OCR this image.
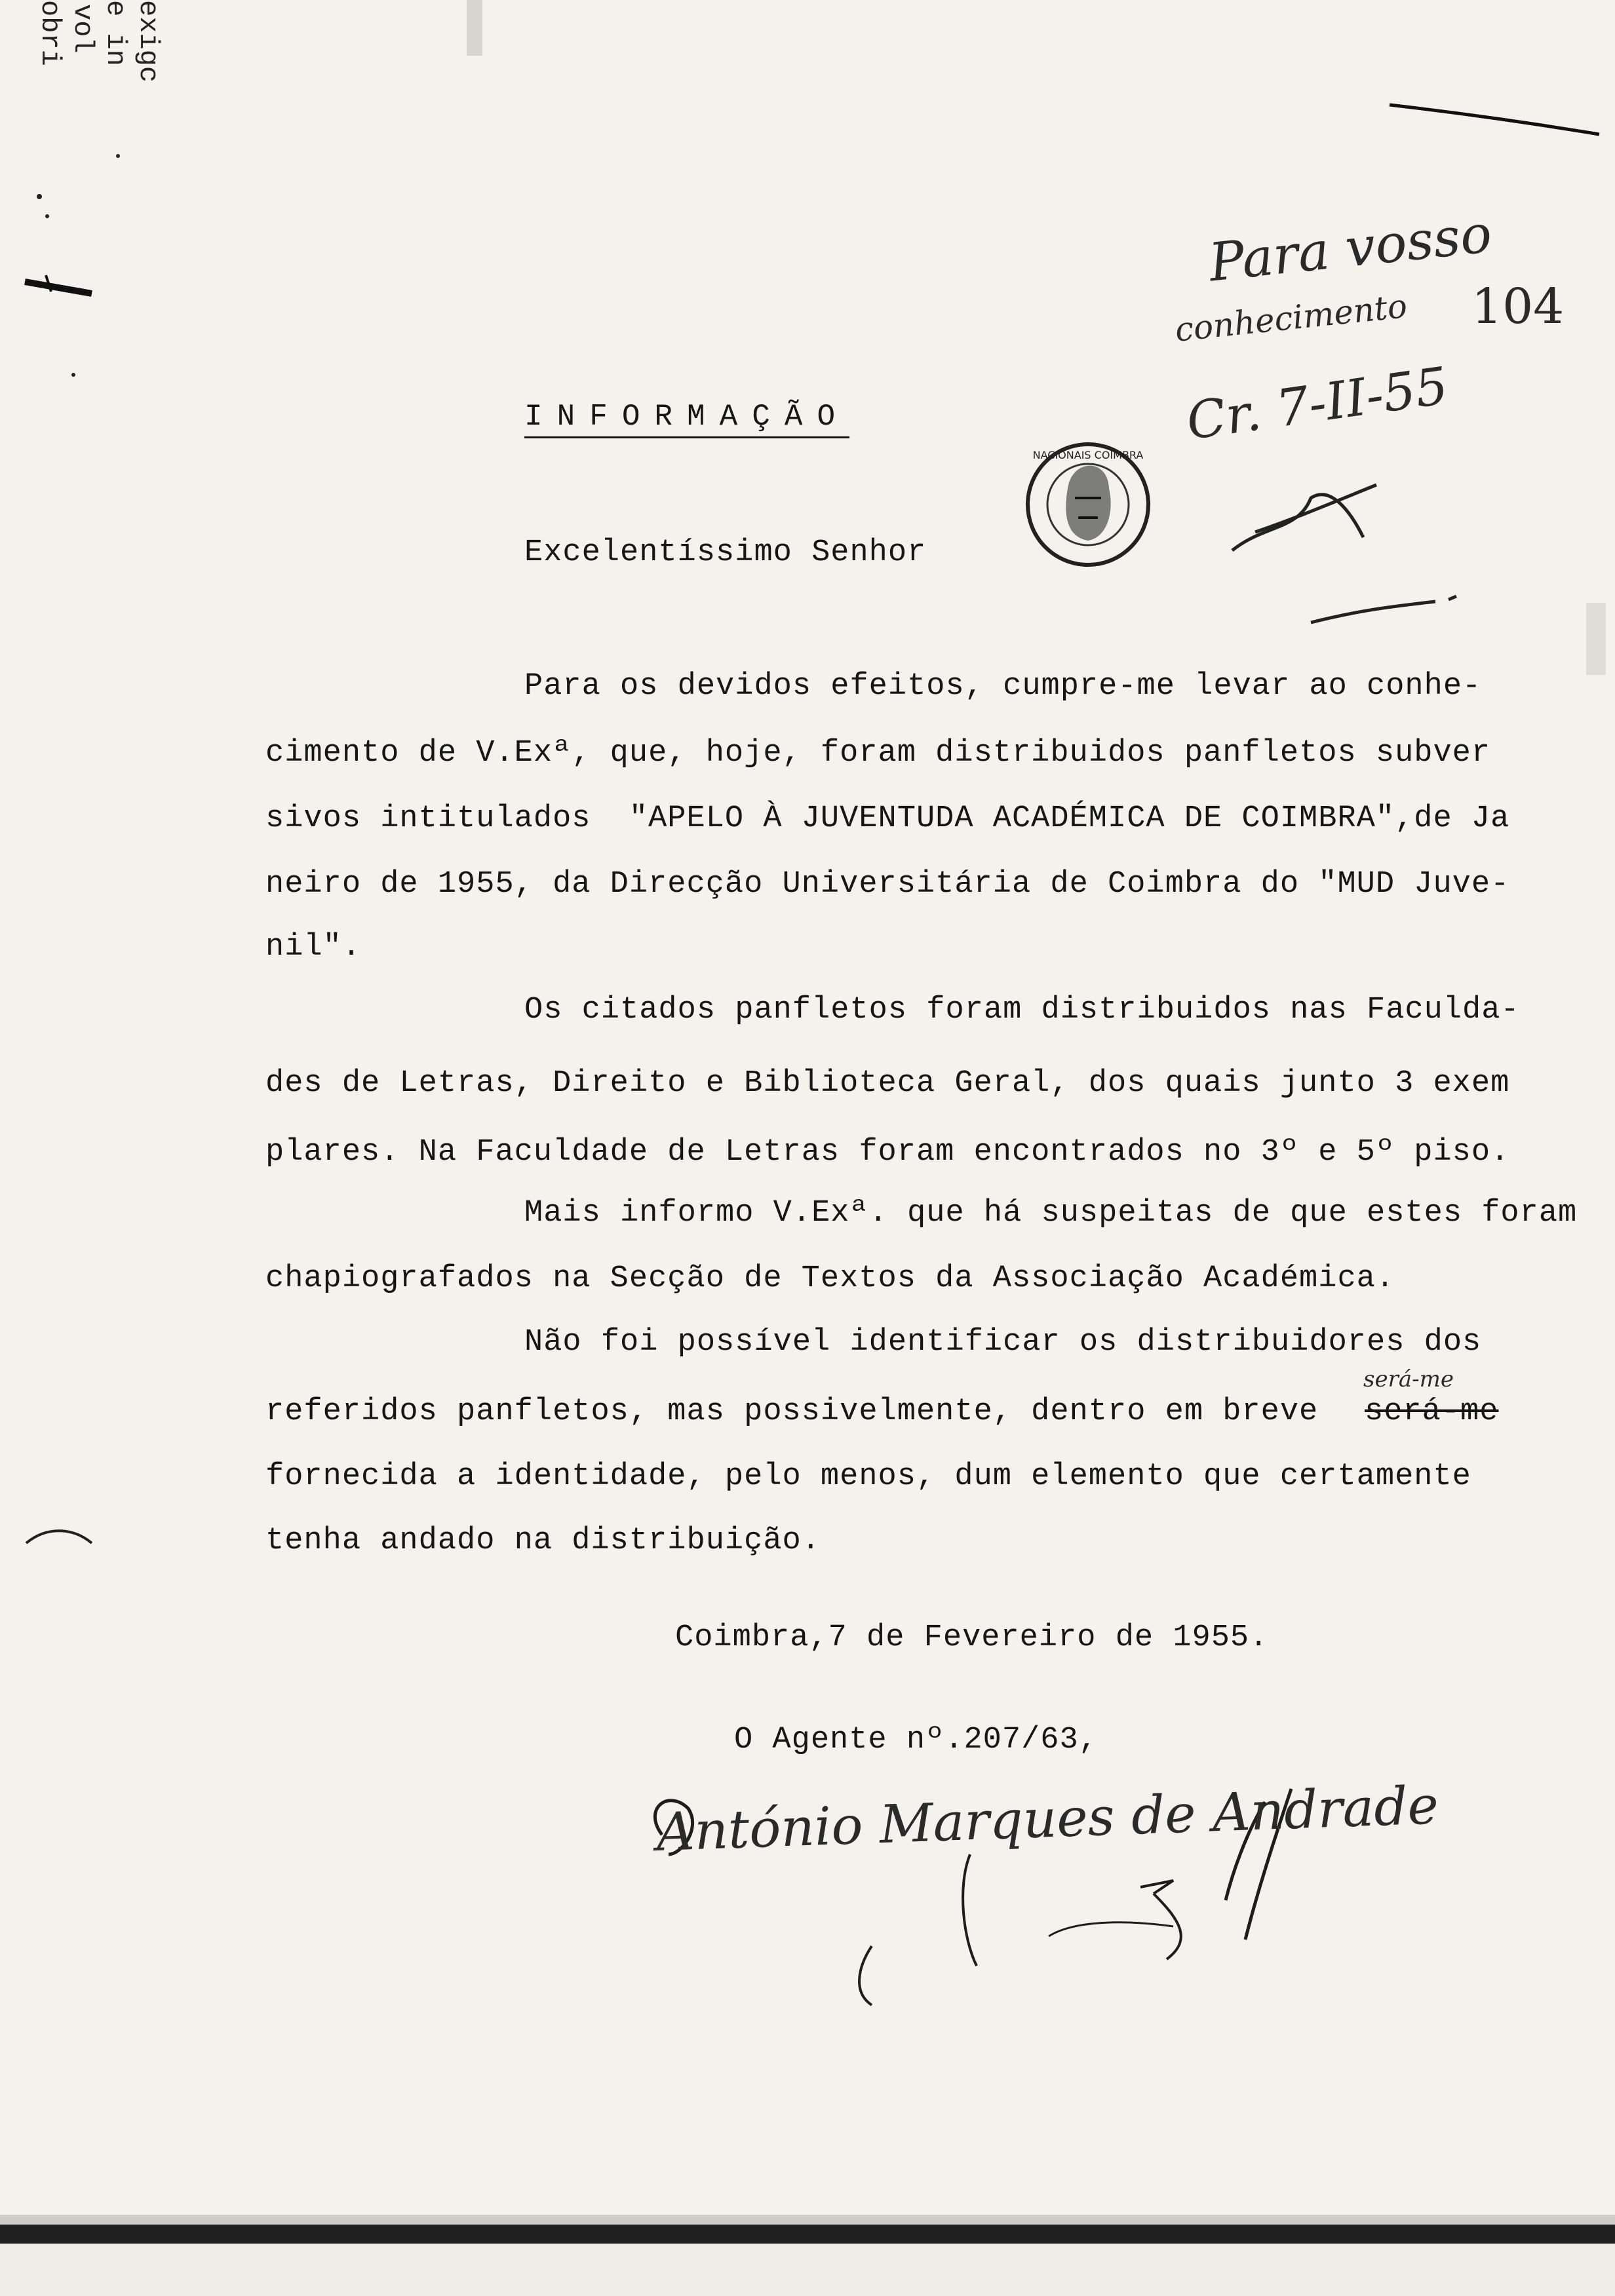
exigc
e in
vol
obri
NACIONAIS COIMBRA
Para vosso
conhecimento 104
Cr. 7-II-55
INFORMAÇÃO
Excelentíssimo Senhor
Para os devidos efeitos, cumpre-me levar ao conhe-
cimento de V.Exª, que, hoje, foram distribuidos panfletos subver
sivos intitulados  "APELO À JUVENTUDA ACADÉMICA DE COIMBRA",de Ja
neiro de 1955, da Direcção Universitária de Coimbra do "MUD Juve-
nil".
Os citados panfletos foram distribuidos nas Faculda-
des de Letras, Direito e Biblioteca Geral, dos quais junto 3 exem
plares. Na Faculdade de Letras foram encontrados no 3º e 5º piso.
Mais informo V.Exª. que há suspeitas de que estes foram
chapiografados na Secção de Textos da Associação Académica.
Não foi possível identificar os distribuidores dos
referidos panfletos, mas possivelmente, dentro em breve será-me
será-me
fornecida a identidade, pelo menos, dum elemento que certamente
tenha andado na distribuição.
Coimbra,7 de Fevereiro de 1955.
O Agente nº.207/63,
António Marques de Andrade
